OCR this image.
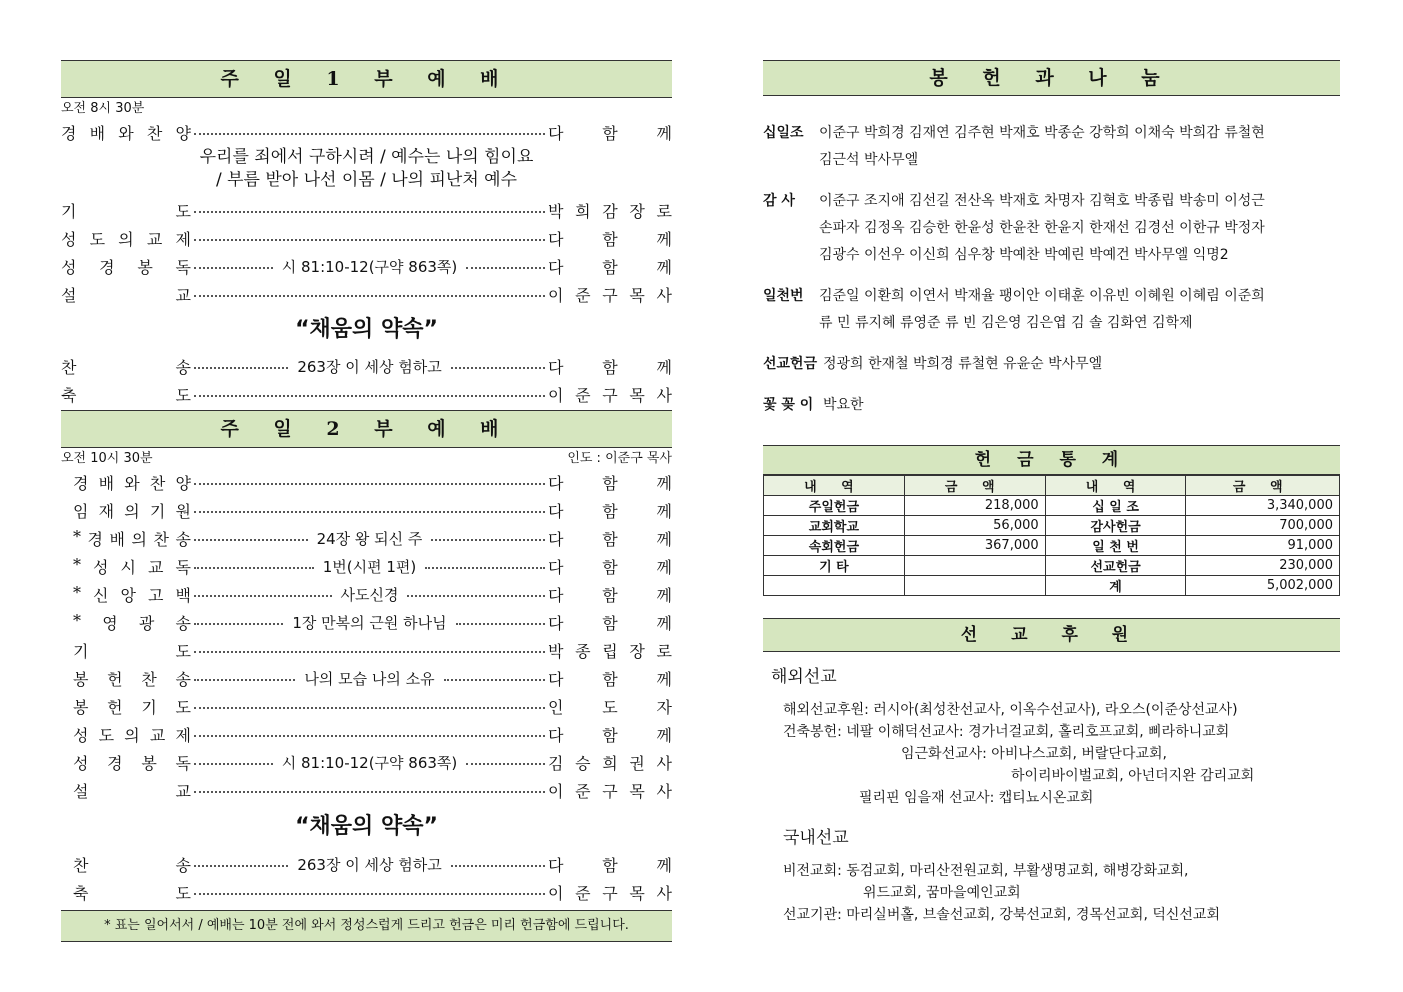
주 일 1 부 예 배
오전 8시 30분
경 배 와 찬 양	다 함 께
우리를 죄에서 구하시려 / 예수는 나의 힘이요
/ 부름 받아 나선 이몸 / 나의 피난처 예수
기	도	박 희 감 장 로
성 도 의 교 제	다 함 께
성 경 봉 독	시 81:10-12(구약 863쪽)	다 함 께
설	교	이 준 구 목 사
“채움의 약속”
찬	송	263장 이 세상 험하고	다 함 께
축	도	이 준 구 목 사
주 일 2 부 예 배
오전 10시 30분	인도 : 이준구 목사
경 배 와 찬 양	다 함 께
임 재 의 기 원	다 함 께
* 경 배 의 찬 송	24장 왕 되신 주	다 함 께
* 성 시 교 독	1번(시편 1편)	다 함 께
* 신 앙 고 백	사도신경	다 함 께
* 영 광 송	1장 만복의 근원 하나님	다 함 께
기	도	박 종 립 장 로
봉 헌 찬 송	나의 모습 나의 소유	다 함 께
봉 헌 기 도	인 도 자
성 도 의 교 제	다 함 께
성 경 봉 독	시 81:10-12(구약 863쪽)	김 승 희 권 사
설	교	이 준 구 목 사
“채움의 약속”
찬	송	263장 이 세상 험하고	다 함 께
축	도	이 준 구 목 사
* 표는 일어서서 / 예배는 10분 전에 와서 정성스럽게 드리고 헌금은 미리 헌금함에 드립니다.
봉 헌 과 나 눔
십일조	이준구 박희경 김재연 김주현 박재호 박종순 강학희 이채숙 박희감 류철현
김근석 박사무엘
감 사	이준구 조지애 김선길 전산옥 박재호 차명자 김혁호 박종립 박송미 이성근
손파자 김정옥 김승한 한윤성 한윤찬 한윤지 한재선 김경선 이한규 박정자
김광수 이선우 이신희 심우창 박예찬 박예린 박예건 박사무엘 익명2
일천번	김준일 이환희 이연서 박재율 팽이안 이태훈 이유빈 이혜원 이혜림 이준희
류 민 류지혜 류영준 류 빈 김은영 김은엽 김 솔 김화연 김학제
선교헌금 정광희 한재철 박희경 류철현 유윤순 박사무엘
꽃 꽂 이 박요한
헌 금 통 계
내 역	금 액	내 역	금 액
주일헌금	218,000	십 일 조	3,340,000
교회학교	56,000	감사헌금	700,000
속회헌금	367,000	일 천 번	91,000
기 타		선교헌금	230,000
		계	5,002,000
선 교 후 원
해외선교
해외선교후원: 러시아(최성찬선교사, 이옥수선교사), 라오스(이준상선교사)
건축봉헌: 네팔 이해덕선교사: 경가너걸교회, 홀리호프교회, 삐라하니교회
임근화선교사: 아비나스교회, 버랄단다교회,
하이리바이벌교회, 아넌더지완 감리교회
필리핀 임을재 선교사: 캡티뇨시온교회
국내선교
비전교회: 동검교회, 마리산전원교회, 부활생명교회, 해병강화교회,
위드교회, 꿈마을예인교회
선교기관: 마리실버홀, 브솔선교회, 강북선교회, 경목선교회, 덕신선교회
